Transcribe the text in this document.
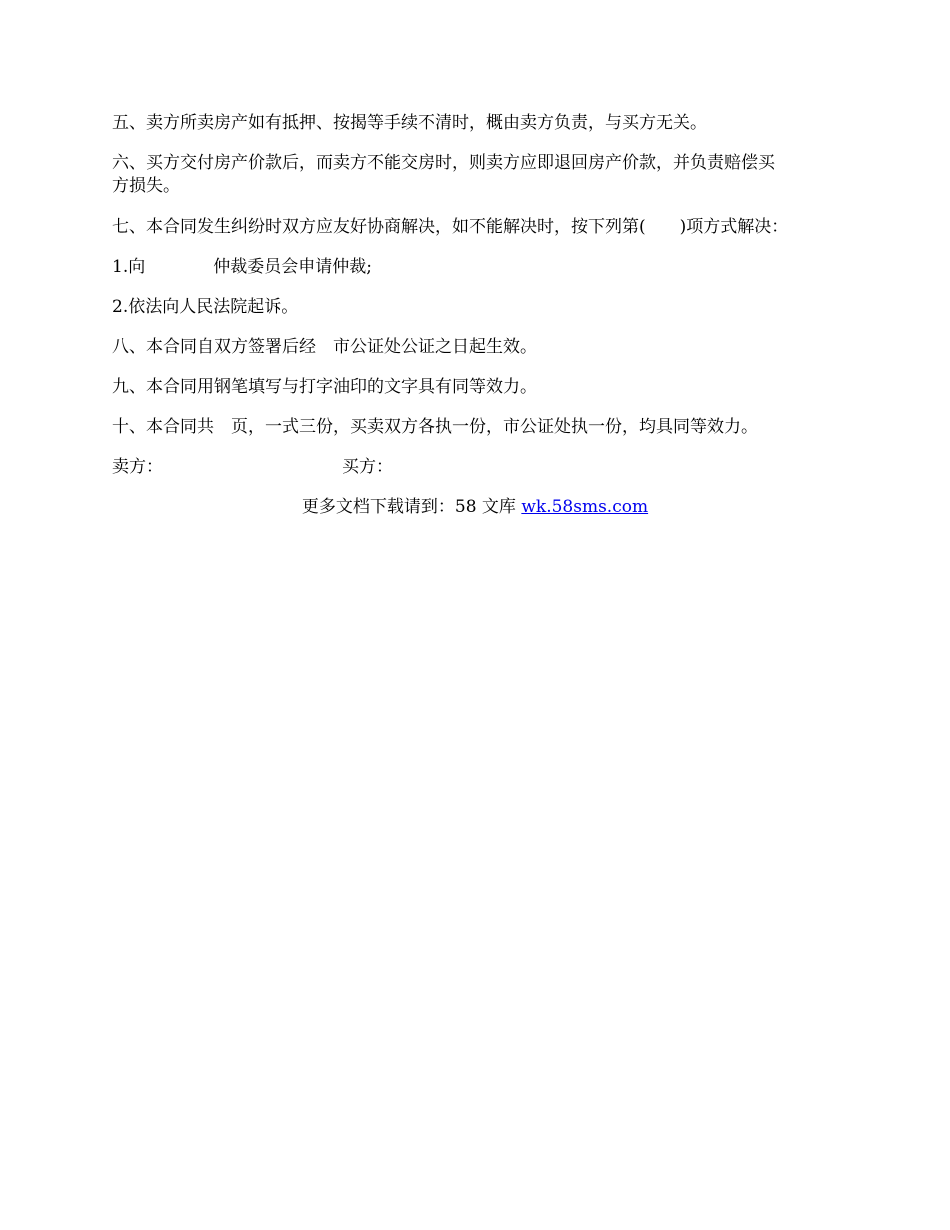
五、卖方所卖房产如有抵押、按揭等手续不清时，概由卖方负责，与买方无关。

六、买方交付房产价款后，而卖方不能交房时，则卖方应即退回房产价款，并负责赔偿买
方损失。

七、本合同发生纠纷时双方应友好协商解决，如不能解决时，按下列第(　　)项方式解决：

1.向　　　　仲裁委员会申请仲裁;

2.依法向人民法院起诉。

八、本合同自双方签署后经　市公证处公证之日起生效。

九、本合同用钢笔填写与打字油印的文字具有同等效力。

十、本合同共　页，一式三份，买卖双方各执一份，市公证处执一份，均具同等效力。

卖方：	买方：
更多文档下载请到：58 文库 wk.58sms.com
